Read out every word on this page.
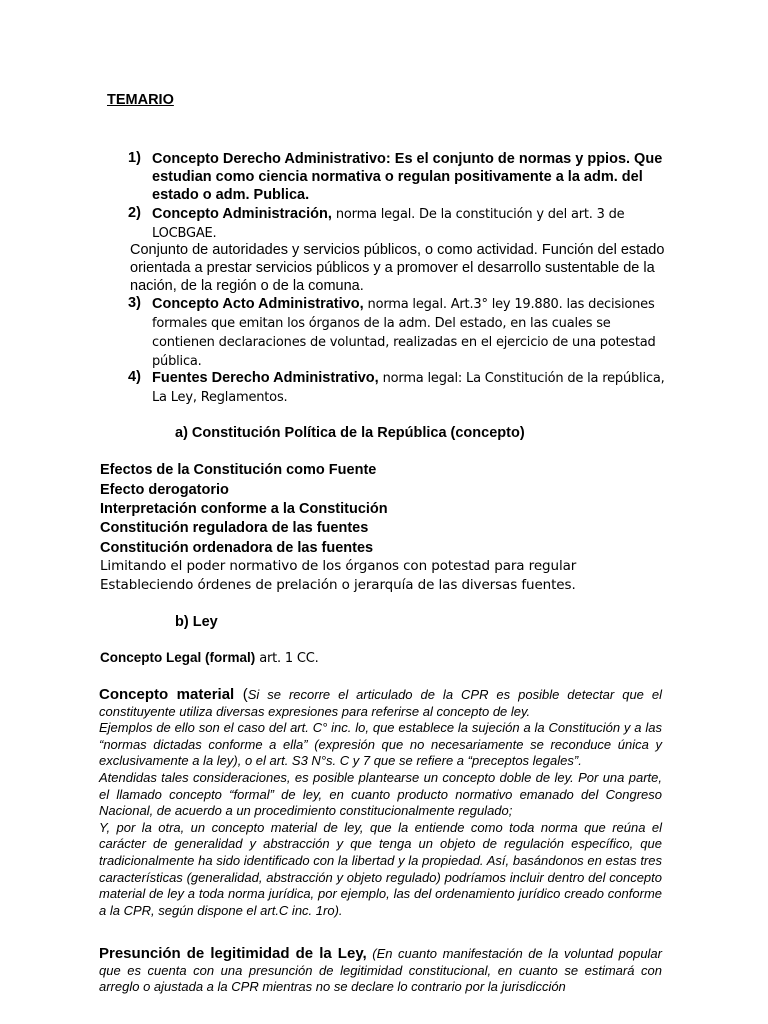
TEMARIO
1) Concepto Derecho Administrativo: Es el conjunto de normas y ppios. Que estudian como ciencia normativa o regulan positivamente a la adm. del estado o adm. Publica.
2) Concepto Administración, norma legal. De la constitución y del art. 3 de LOCBGAE.
Conjunto de autoridades y servicios públicos, o como actividad. Función del estado orientada a prestar servicios públicos y a promover el desarrollo sustentable de la nación, de la región o de la comuna.
3) Concepto Acto Administrativo, norma legal. Art.3° ley 19.880. las decisiones formales que emitan los órganos de la adm. Del estado, en las cuales se contienen declaraciones de voluntad, realizadas en el ejercicio de una potestad pública.
4) Fuentes Derecho Administrativo, norma legal: La Constitución de la república, La Ley, Reglamentos.
a) Constitución Política de la República (concepto)
Efectos de la Constitución como Fuente
Efecto derogatorio
Interpretación conforme a la Constitución
Constitución reguladora de las fuentes
Constitución ordenadora de las fuentes
Limitando el poder normativo de los órganos con potestad para regular
Estableciendo órdenes de prelación o jerarquía de las diversas fuentes.
b) Ley
Concepto Legal (formal) art. 1 CC.
Concepto material (Si se recorre el articulado de la CPR es posible detectar que el constituyente utiliza diversas expresiones para referirse al concepto de ley.
Ejemplos de ello son el caso del art. C° inc. lo, que establece la sujeción a la Constitución y a las “normas dictadas conforme a ella” (expresión que no necesariamente se reconduce única y exclusivamente a la ley), o el art. S3 N°s. C y 7 que se refiere a “preceptos legales”.
Atendidas tales consideraciones, es posible plantearse un concepto doble de ley. Por una parte, el llamado concepto “formal” de ley, en cuanto producto normativo emanado del Congreso Nacional, de acuerdo a un procedimiento constitucionalmente regulado;
Y, por la otra, un concepto material de ley, que la entiende como toda norma que reúna el carácter de generalidad y abstracción y que tenga un objeto de regulación específico, que tradicionalmente ha sido identificado con la libertad y la propiedad. Así, basándonos en estas tres características (generalidad, abstracción y objeto regulado) podríamos incluir dentro del concepto material de ley a toda norma jurídica, por ejemplo, las del ordenamiento jurídico creado conforme a la CPR, según dispone el art.C inc. 1ro).
Presunción de legitimidad de la Ley, (En cuanto manifestación de la voluntad popular que es cuenta con una presunción de legitimidad constitucional, en cuanto se estimará con arreglo o ajustada a la CPR mientras no se declare lo contrario por la jurisdicción
